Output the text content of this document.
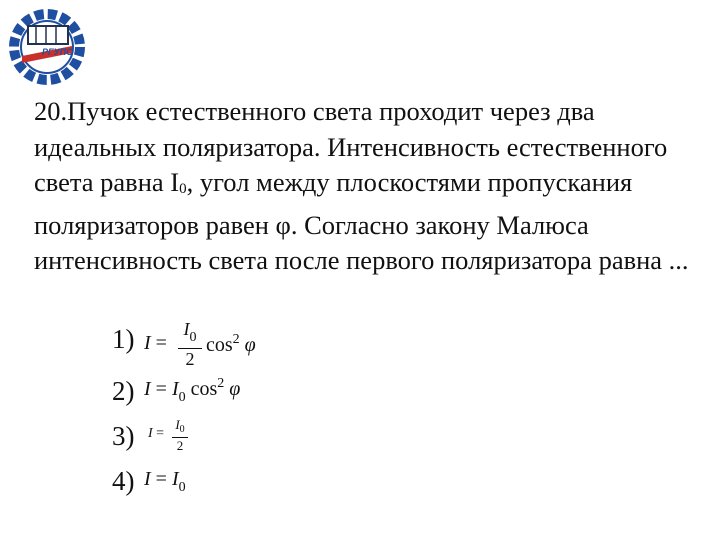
РГУПС

20.Пучок естественного света проходит через два идеальных поляризатора. Интенсивность естественного света равна I0, угол между плоскостями пропускания поляризаторов равен φ. Согласно закону Малюса интенсивность света после первого поляризатора равна ...

1) I =
$I_0$
2
$\cos^2 \varphi$
2) $I = I_0$ $\cos^2 \varphi$
3) I =
$I_0$
2
4) $I = I_0$
